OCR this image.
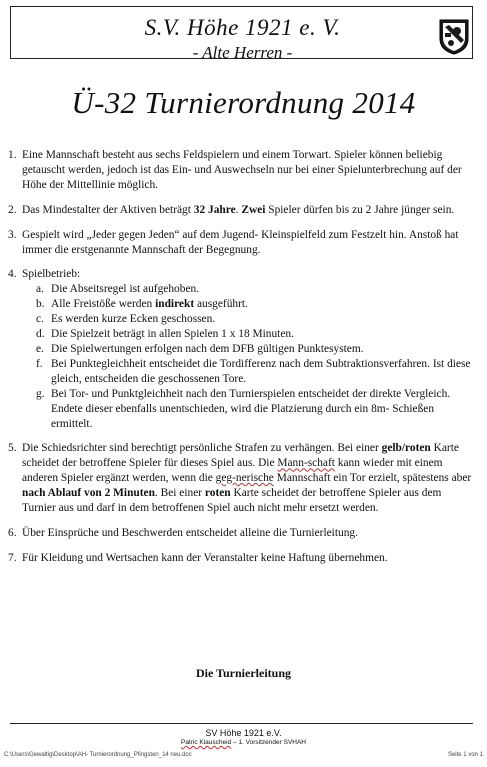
S.V. Höhe 1921 e. V.
- Alte Herren -
Ü-32 Turnierordnung 2014
1. Eine Mannschaft besteht aus sechs Feldspielern und einem Torwart. Spieler können beliebig getauscht werden, jedoch ist das Ein- und Auswechseln nur bei einer Spielunterbrechung auf der Höhe der Mittellinie möglich.
2. Das Mindestalter der Aktiven beträgt 32 Jahre. Zwei Spieler dürfen bis zu 2 Jahre jünger sein.
3. Gespielt wird „Jeder gegen Jeden“ auf dem Jugend- Kleinspielfeld zum Festzelt hin. Anstoß hat immer die erstgenannte Mannschaft der Begegnung.
4. Spielbetrieb:
a. Die Abseitsregel ist aufgehoben.
b. Alle Freistöße werden indirekt ausgeführt.
c. Es werden kurze Ecken geschossen.
d. Die Spielzeit beträgt in allen Spielen 1 x 18 Minuten.
e. Die Spielwertungen erfolgen nach dem DFB gültigen Punktesystem.
f. Bei Punktegleichheit entscheidet die Tordifferenz nach dem Subtraktionsverfahren. Ist diese gleich, entscheiden die geschossenen Tore.
g. Bei Tor- und Punktgleichheit nach den Turnierspielen entscheidet der direkte Vergleich. Endete dieser ebenfalls unentschieden, wird die Platzierung durch ein 8m- Schießen ermittelt.
5. Die Schiedsrichter sind berechtigt persönliche Strafen zu verhängen. Bei einer gelb/roten Karte scheidet der betroffene Spieler für dieses Spiel aus. Die Mann-schaft kann wieder mit einem anderen Spieler ergänzt werden, wenn die geg-nerische Mannschaft ein Tor erzielt, spätestens aber nach Ablauf von 2 Minuten. Bei einer roten Karte scheidet der betroffene Spieler aus dem Turnier aus und darf in dem betroffenen Spiel auch nicht mehr ersetzt werden.
6. Über Einsprüche und Beschwerden entscheidet alleine die Turnierleitung.
7. Für Kleidung und Wertsachen kann der Veranstalter keine Haftung übernehmen.
Die Turnierleitung
SV Höhe 1921 e.V.
Patric Klauscheid – 1. Vorsitzender SVHAH
C:\Users\Gewaltig\Desktop\AH- Turnierordnung_Pfingsten_14 neu.doc	Seite 1 von 1
